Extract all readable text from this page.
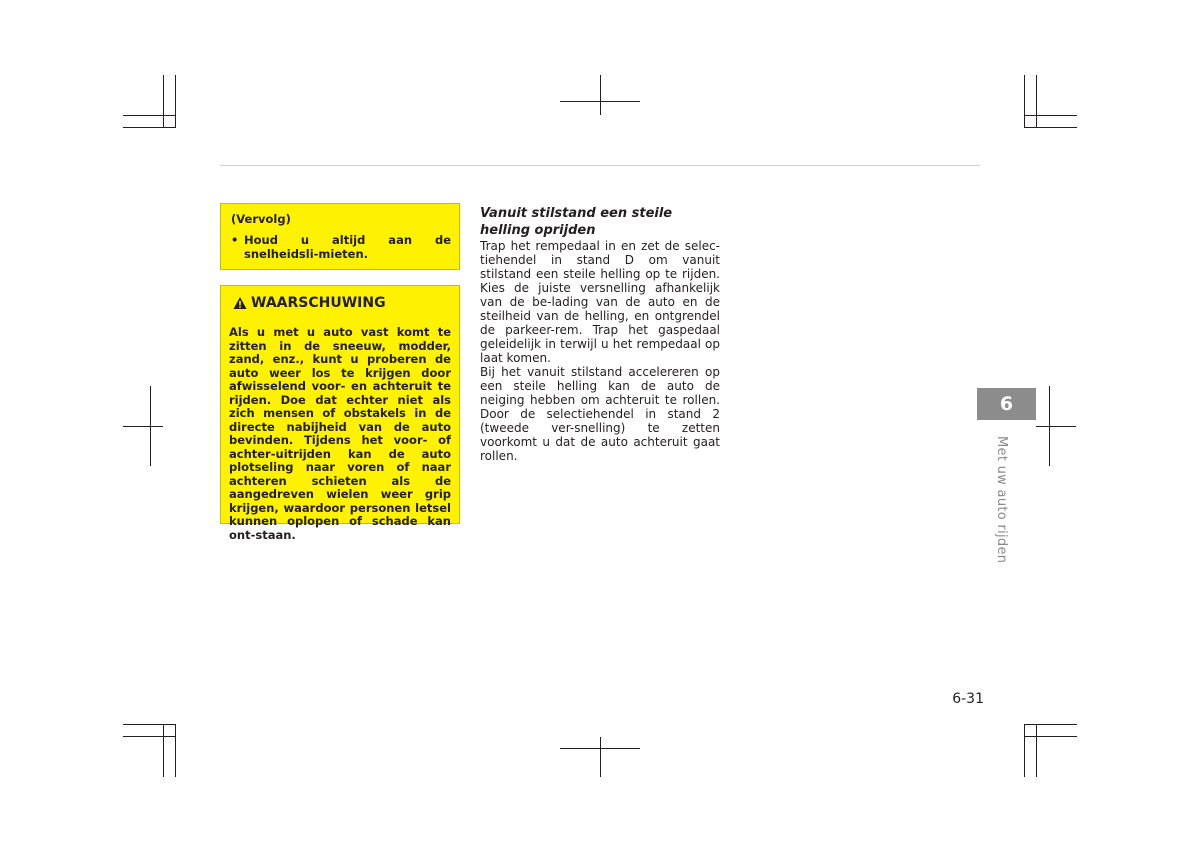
(Vervolg)
• Houd u altijd aan de snelheidsli-mieten.
WAARSCHUWING
Als u met u auto vast komt te zitten in de sneeuw, modder, zand, enz., kunt u proberen de auto weer los te krijgen door afwisselend voor- en achteruit te rijden. Doe dat echter niet als zich mensen of obstakels in de directe nabijheid van de auto bevinden. Tijdens het voor- of achter-uitrijden kan de auto plotseling naar voren of naar achteren schieten als de aangedreven wielen weer grip krijgen, waardoor personen letsel kunnen oplopen of schade kan ont-staan.
Vanuit stilstand een steile helling oprijden

Trap het rempedaal in en zet de selec-tiehendel in stand D om vanuit stilstand een steile helling op te rijden. Kies de juiste versnelling afhankelijk van de be-lading van de auto en de steilheid van de helling, en ontgrendel de parkeer-rem. Trap het gaspedaal geleidelijk in terwijl u het rempedaal op laat komen.

Bij het vanuit stilstand accelereren op een steile helling kan de auto de neiging hebben om achteruit te rollen. Door de selectiehendel in stand 2 (tweede ver-snelling) te zetten voorkomt u dat de auto achteruit gaat rollen.

6
Met uw auto rijden
6-31
